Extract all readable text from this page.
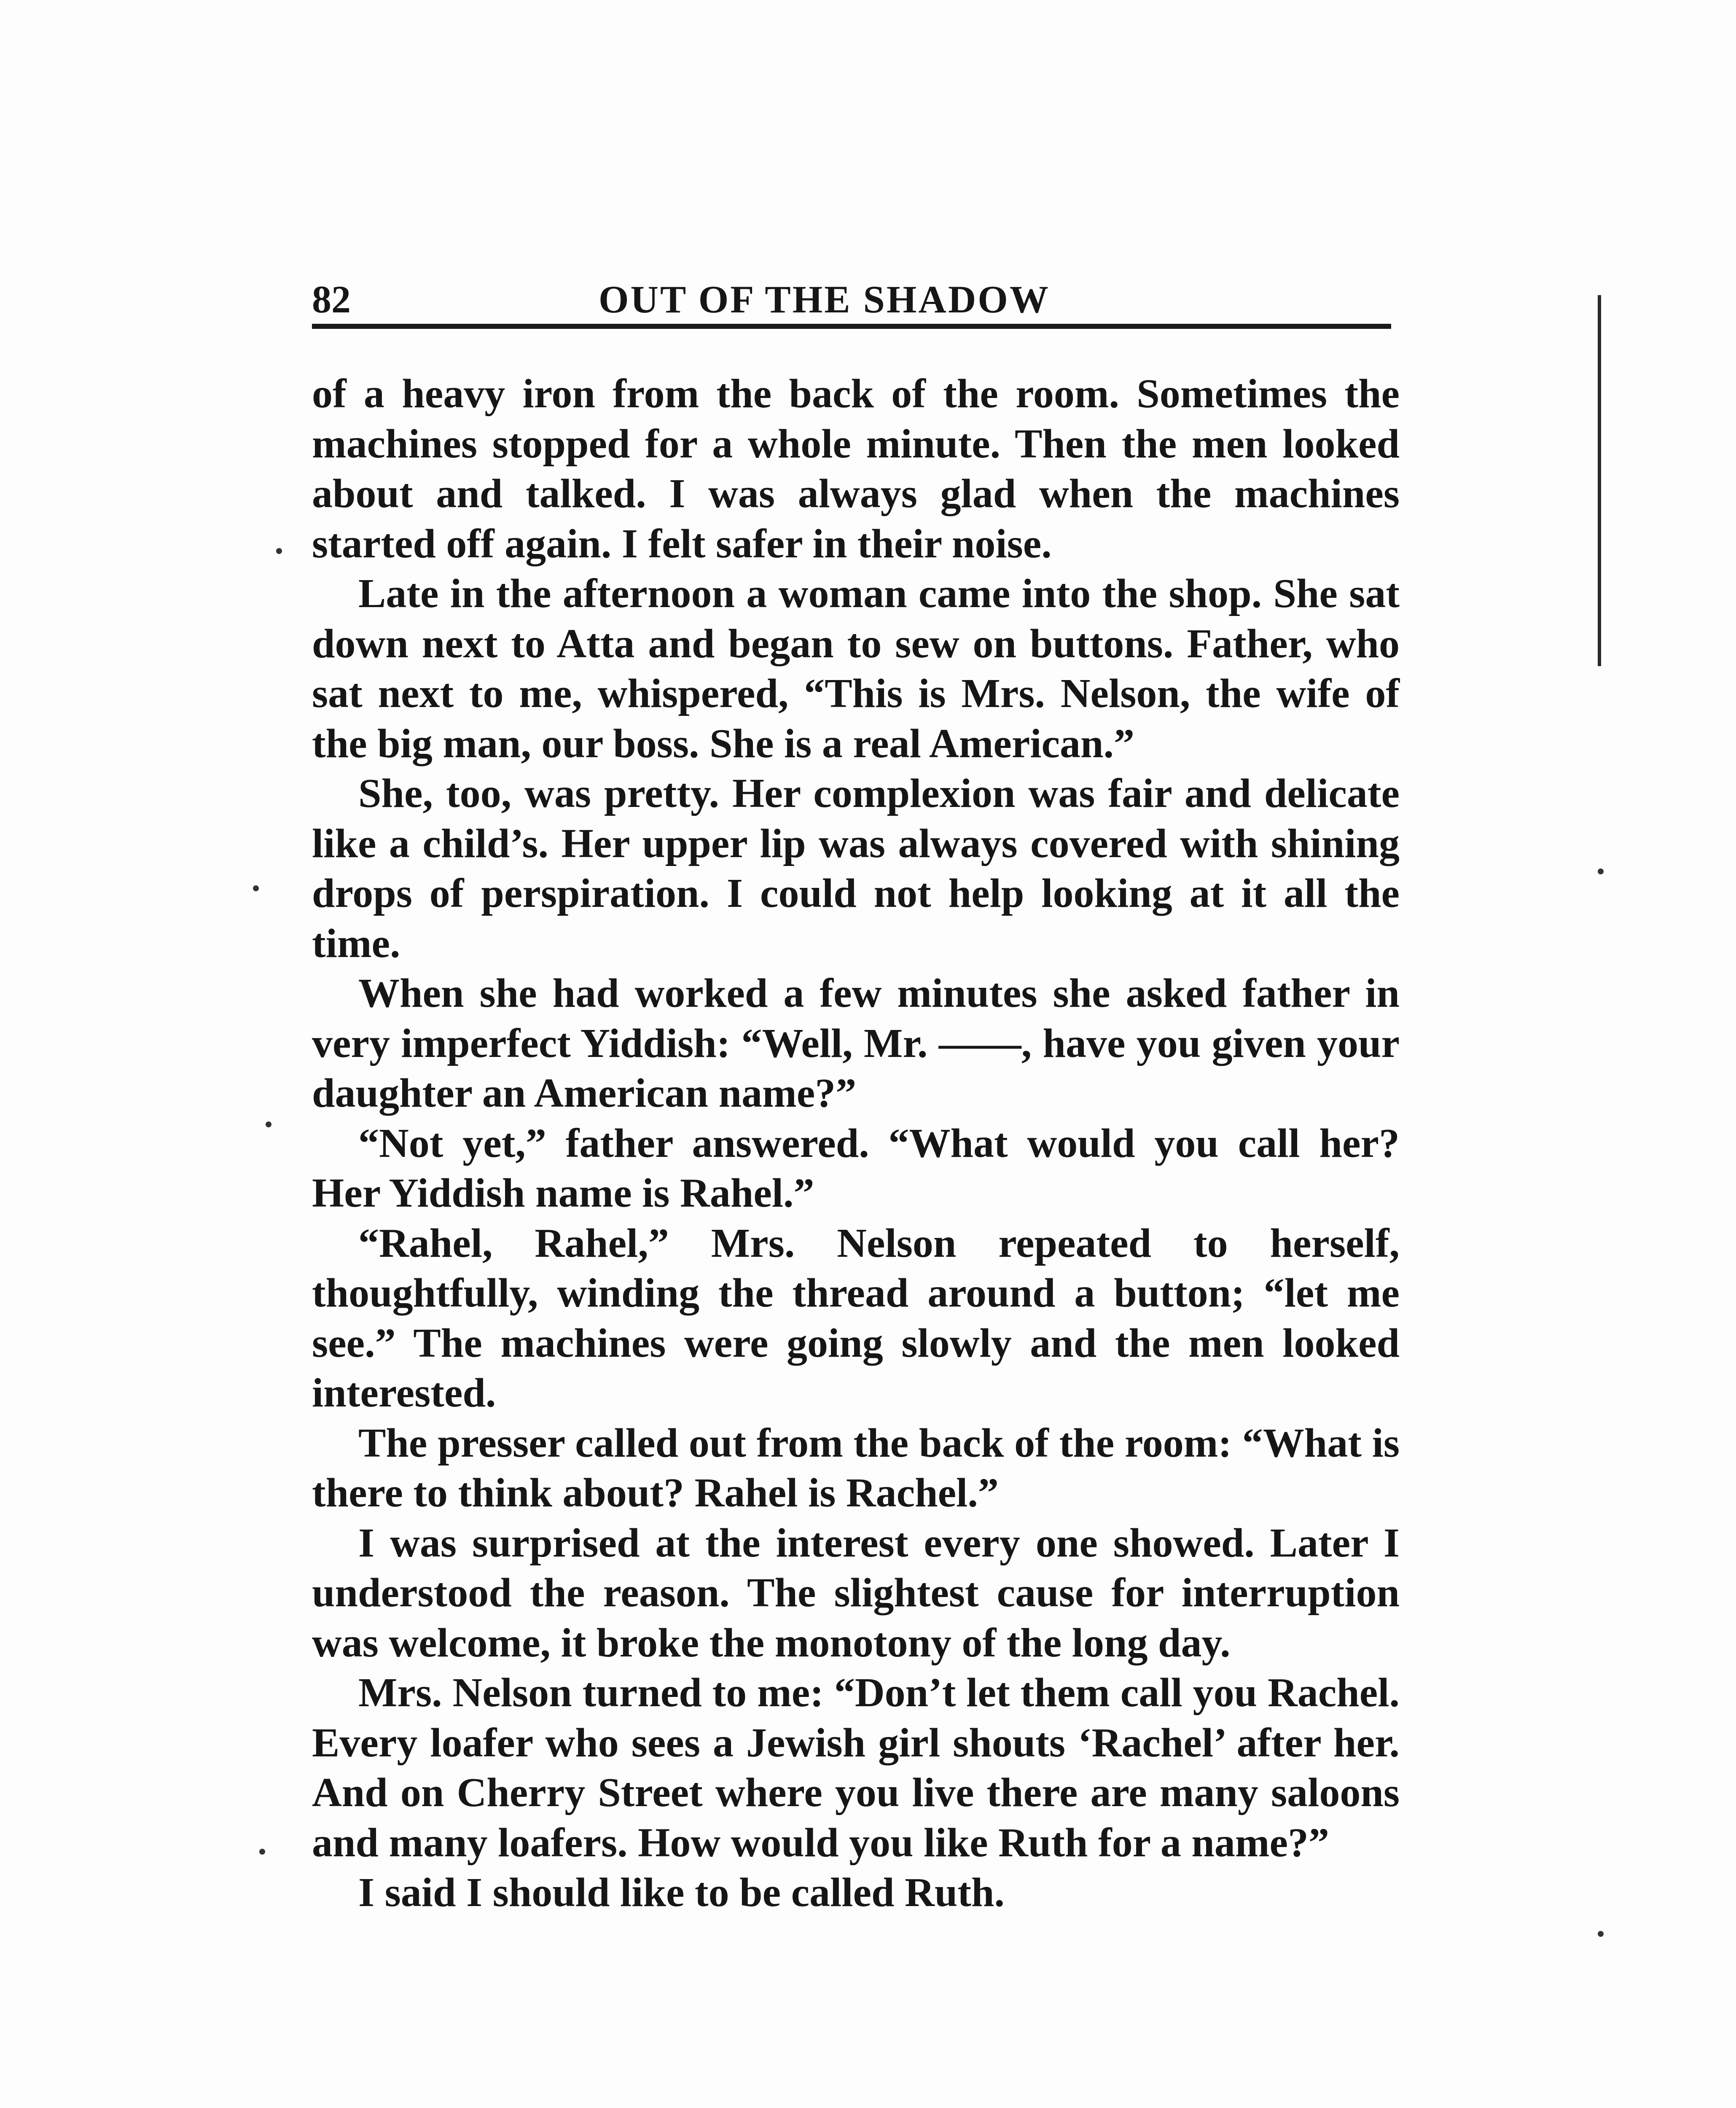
82	OUT OF THE SHADOW

of a heavy iron from the back of the room. Sometimes the machines stopped for a whole minute. Then the men looked about and talked. I was always glad when the machines started off again. I felt safer in their noise.

Late in the afternoon a woman came into the shop. She sat down next to Atta and began to sew on buttons. Father, who sat next to me, whispered, “This is Mrs. Nelson, the wife of the big man, our boss. She is a real American.”

She, too, was pretty. Her complexion was fair and delicate like a child’s. Her upper lip was always covered with shining drops of perspiration. I could not help looking at it all the time.

When she had worked a few minutes she asked father in very imperfect Yiddish: “Well, Mr. ——, have you given your daughter an American name?”

“Not yet,” father answered. “What would you call her? Her Yiddish name is Rahel.”

“Rahel, Rahel,” Mrs. Nelson repeated to herself, thoughtfully, winding the thread around a button; “let me see.” The machines were going slowly and the men looked interested.

The presser called out from the back of the room: “What is there to think about? Rahel is Rachel.”

I was surprised at the interest every one showed. Later I understood the reason. The slightest cause for interruption was welcome, it broke the monotony of the long day.

Mrs. Nelson turned to me: “Don’t let them call you Rachel. Every loafer who sees a Jewish girl shouts ‘Rachel’ after her. And on Cherry Street where you live there are many saloons and many loafers. How would you like Ruth for a name?”

I said I should like to be called Ruth.
